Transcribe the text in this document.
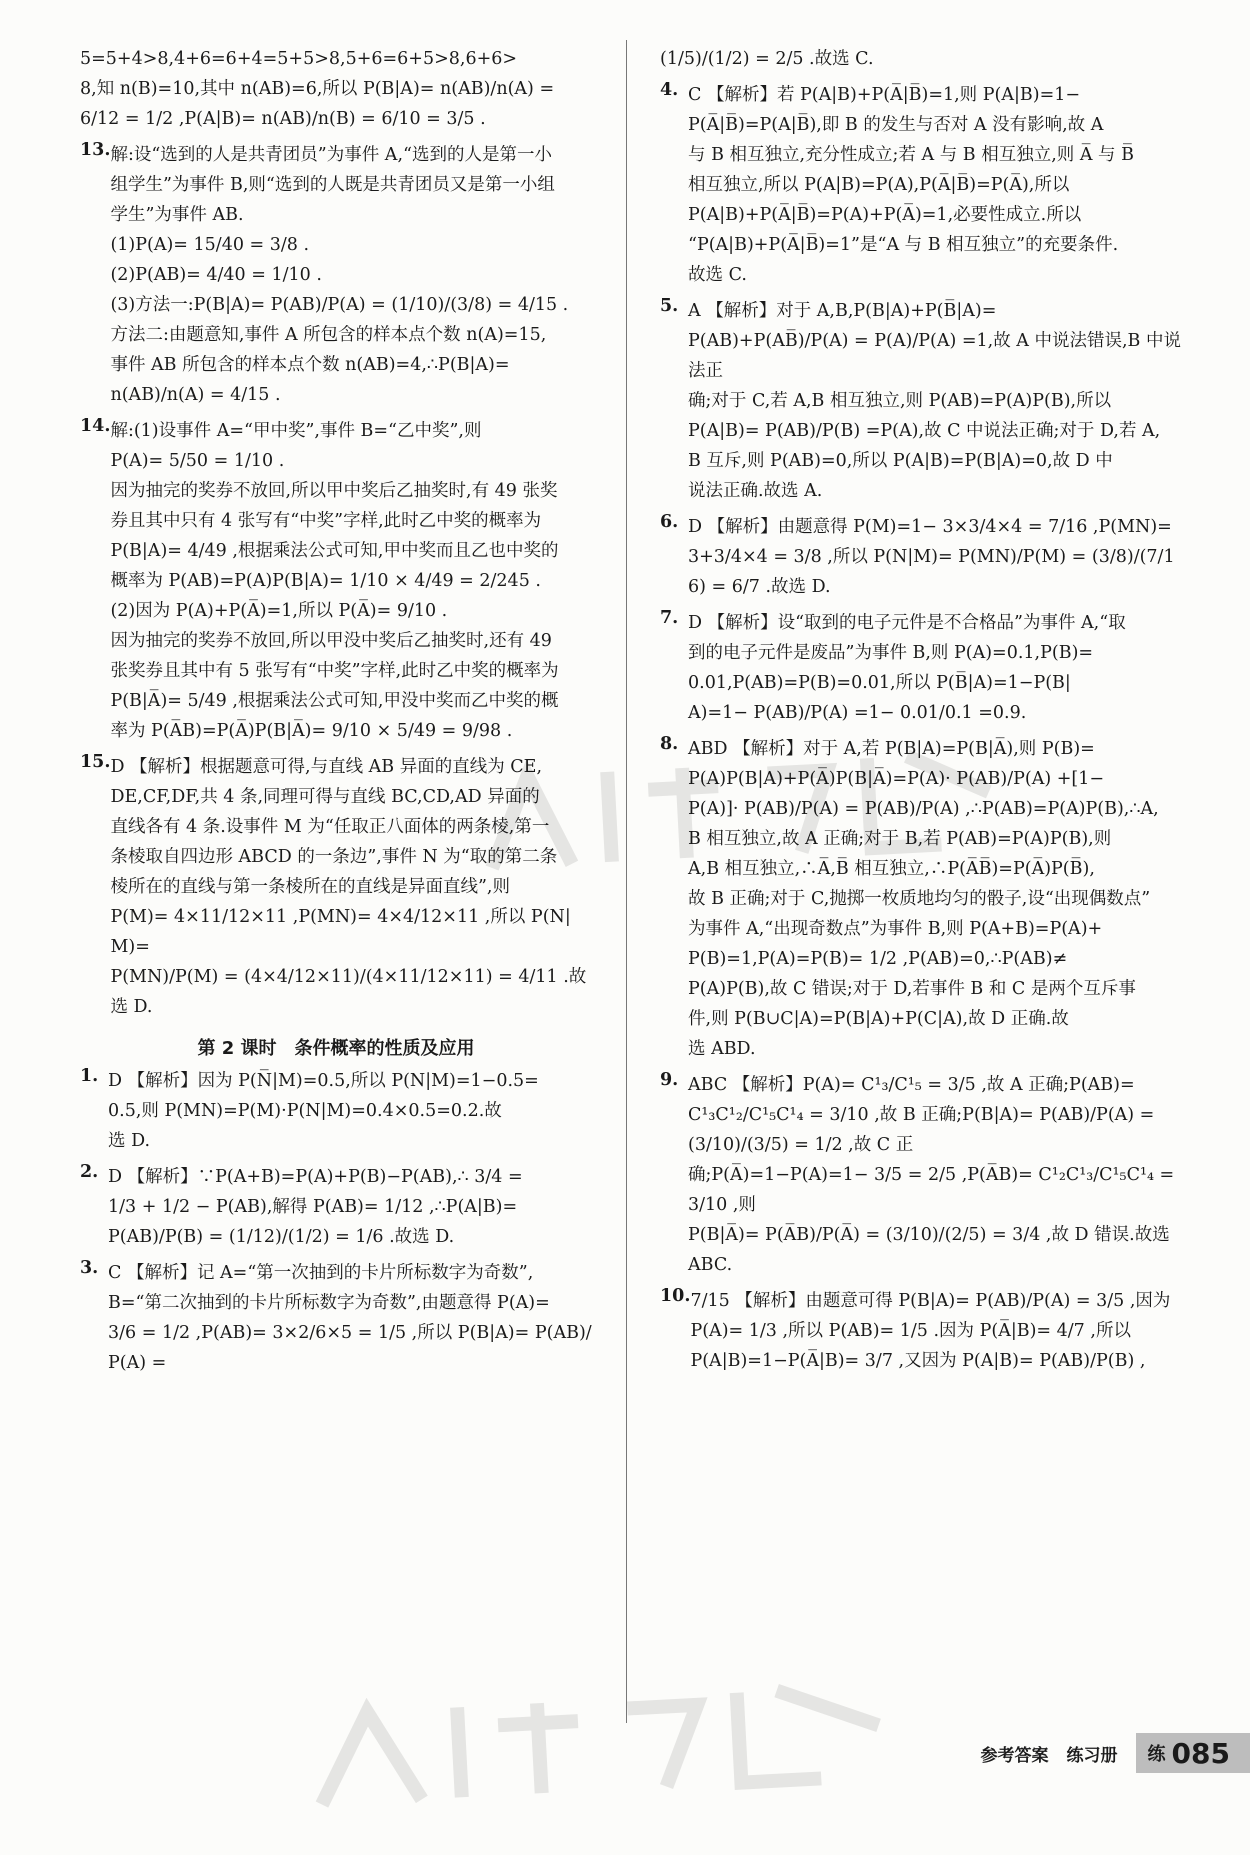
5=5+4>8,4+6=6+4=5+5>8,5+6=6+5>8,6+6>
8,知 n(B)=10,其中 n(AB)=6,所以 P(B|A)= n(AB)/n(A) =
6/12 = 1/2 ,P(A|B)= n(AB)/n(B) = 6/10 = 3/5 .
13. 解:设“选到的人是共青团员”为事件 A,“选到的人是第一小
组学生”为事件 B,则“选到的人既是共青团员又是第一小组
学生”为事件 AB.
(1)P(A)= 15/40 = 3/8 .
(2)P(AB)= 4/40 = 1/10 .
(3)方法一:P(B|A)= P(AB)/P(A) = (1/10)/(3/8) = 4/15 .
方法二:由题意知,事件 A 所包含的样本点个数 n(A)=15,
事件 AB 所包含的样本点个数 n(AB)=4,∴P(B|A)=
n(AB)/n(A) = 4/15 .
14. 解:(1)设事件 A=“甲中奖”,事件 B=“乙中奖”,则
P(A)= 5/50 = 1/10 .
因为抽完的奖券不放回,所以甲中奖后乙抽奖时,有 49 张奖
券且其中只有 4 张写有“中奖”字样,此时乙中奖的概率为
P(B|A)= 4/49 ,根据乘法公式可知,甲中奖而且乙也中奖的
概率为 P(AB)=P(A)P(B|A)= 1/10 × 4/49 = 2/245 .
(2)因为 P(A)+P(A̅)=1,所以 P(A̅)= 9/10 .
因为抽完的奖券不放回,所以甲没中奖后乙抽奖时,还有 49
张奖券且其中有 5 张写有“中奖”字样,此时乙中奖的概率为
P(B|A̅)= 5/49 ,根据乘法公式可知,甲没中奖而乙中奖的概
率为 P(A̅B)=P(A̅)P(B|A̅)= 9/10 × 5/49 = 9/98 .
15. D 【解析】根据题意可得,与直线 AB 异面的直线为 CE,
DE,CF,DF,共 4 条,同理可得与直线 BC,CD,AD 异面的
直线各有 4 条.设事件 M 为“任取正八面体的两条棱,第一
条棱取自四边形 ABCD 的一条边”,事件 N 为“取的第二条
棱所在的直线与第一条棱所在的直线是异面直线”,则
P(M)= 4×11/12×11 ,P(MN)= 4×4/12×11 ,所以 P(N|M)=
P(MN)/P(M) = (4×4/12×11)/(4×11/12×11) = 4/11 .故选 D.
第 2 课时　条件概率的性质及应用
1. D 【解析】因为 P(N̅|M)=0.5,所以 P(N|M)=1−0.5=
0.5,则 P(MN)=P(M)·P(N|M)=0.4×0.5=0.2.故
选 D.
2. D 【解析】∵P(A+B)=P(A)+P(B)−P(AB),∴ 3/4 =
1/3 + 1/2 − P(AB),解得 P(AB)= 1/12 ,∴P(A|B)=
P(AB)/P(B) = (1/12)/(1/2) = 1/6 .故选 D.
3. C 【解析】记 A=“第一次抽到的卡片所标数字为奇数”,
B=“第二次抽到的卡片所标数字为奇数”,由题意得 P(A)=
3/6 = 1/2 ,P(AB)= 3×2/6×5 = 1/5 ,所以 P(B|A)= P(AB)/P(A) =
(1/5)/(1/2) = 2/5 .故选 C.
4. C 【解析】若 P(A|B)+P(A̅|B̅)=1,则 P(A|B)=1−
P(A̅|B̅)=P(A|B̅),即 B 的发生与否对 A 没有影响,故 A
与 B 相互独立,充分性成立;若 A 与 B 相互独立,则 A̅ 与 B̅
相互独立,所以 P(A|B)=P(A),P(A̅|B̅)=P(A̅),所以
P(A|B)+P(A̅|B̅)=P(A)+P(A̅)=1,必要性成立.所以
“P(A|B)+P(A̅|B̅)=1”是“A 与 B 相互独立”的充要条件.
故选 C.
5. A 【解析】对于 A,B,P(B|A)+P(B̅|A)=
P(AB)+P(AB̅)/P(A) = P(A)/P(A) =1,故 A 中说法错误,B 中说法正
确;对于 C,若 A,B 相互独立,则 P(AB)=P(A)P(B),所以
P(A|B)= P(AB)/P(B) =P(A),故 C 中说法正确;对于 D,若 A,
B 互斥,则 P(AB)=0,所以 P(A|B)=P(B|A)=0,故 D 中
说法正确.故选 A.
6. D 【解析】由题意得 P(M)=1− 3×3/4×4 = 7/16 ,P(MN)=
3+3/4×4 = 3/8 ,所以 P(N|M)= P(MN)/P(M) = (3/8)/(7/16) = 6/7 .故选 D.
7. D 【解析】设“取到的电子元件是不合格品”为事件 A,“取
到的电子元件是废品”为事件 B,则 P(A)=0.1,P(B)=
0.01,P(AB)=P(B)=0.01,所以 P(B̅|A)=1−P(B|
A)=1− P(AB)/P(A) =1− 0.01/0.1 =0.9.
8. ABD 【解析】对于 A,若 P(B|A)=P(B|A̅),则 P(B)=
P(A)P(B|A)+P(A̅)P(B|A̅)=P(A)· P(AB)/P(A) +[1−
P(A)]· P(AB)/P(A) = P(AB)/P(A) ,∴P(AB)=P(A)P(B),∴A,
B 相互独立,故 A 正确;对于 B,若 P(AB)=P(A)P(B),则
A,B 相互独立,∴A̅,B̅ 相互独立,∴P(A̅B̅)=P(A̅)P(B̅),
故 B 正确;对于 C,抛掷一枚质地均匀的骰子,设“出现偶数点”
为事件 A,“出现奇数点”为事件 B,则 P(A+B)=P(A)+
P(B)=1,P(A)=P(B)= 1/2 ,P(AB)=0,∴P(AB)≠
P(A)P(B),故 C 错误;对于 D,若事件 B 和 C 是两个互斥事
件,则 P(B∪C|A)=P(B|A)+P(C|A),故 D 正确.故
选 ABD.
9. ABC 【解析】P(A)= C¹₃/C¹₅ = 3/5 ,故 A 正确;P(AB)=
C¹₃C¹₂/C¹₅C¹₄ = 3/10 ,故 B 正确;P(B|A)= P(AB)/P(A) = (3/10)/(3/5) = 1/2 ,故 C 正
确;P(A̅)=1−P(A)=1− 3/5 = 2/5 ,P(A̅B)= C¹₂C¹₃/C¹₅C¹₄ = 3/10 ,则
P(B|A̅)= P(A̅B)/P(A̅) = (3/10)/(2/5) = 3/4 ,故 D 错误.故选 ABC.
10. 7/15 【解析】由题意可得 P(B|A)= P(AB)/P(A) = 3/5 ,因为
P(A)= 1/3 ,所以 P(AB)= 1/5 .因为 P(A̅|B)= 4/7 ,所以
P(A|B)=1−P(A̅|B)= 3/7 ,又因为 P(A|B)= P(AB)/P(B) ,
参考答案 练习册 练 085
